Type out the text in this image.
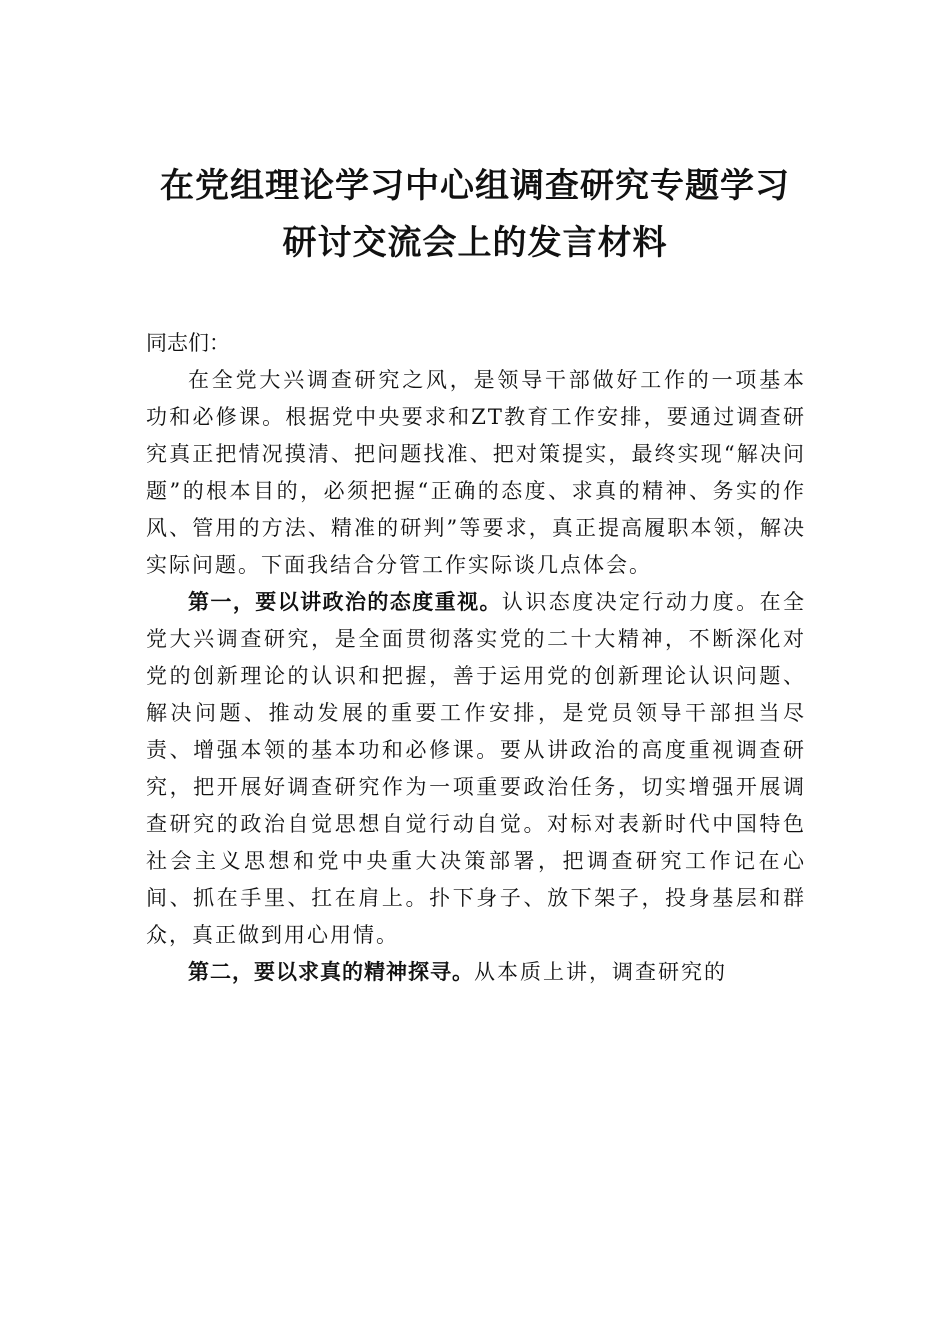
在党组理论学习中心组调查研究专题学习

研讨交流会上的发言材料

同志们：

在全党大兴调查研究之风，是领导干部做好工作的一项基本功和必修课。根据党中央要求和ZT教育工作安排，要通过调查研究真正把情况摸清、把问题找准、把对策提实，最终实现“解决问题”的根本目的，必须把握“正确的态度、求真的精神、务实的作风、管用的方法、精准的研判”等要求，真正提高履职本领，解决实际问题。下面我结合分管工作实际谈几点体会。

第一，要以讲政治的态度重视。认识态度决定行动力度。在全党大兴调查研究，是全面贯彻落实党的二十大精神，不断深化对党的创新理论的认识和把握，善于运用党的创新理论认识问题、解决问题、推动发展的重要工作安排，是党员领导干部担当尽责、增强本领的基本功和必修课。要从讲政治的高度重视调查研究，把开展好调查研究作为一项重要政治任务，切实增强开展调查研究的政治自觉思想自觉行动自觉。对标对表新时代中国特色社会主义思想和党中央重大决策部署，把调查研究工作记在心间、抓在手里、扛在肩上。扑下身子、放下架子，投身基层和群众，真正做到用心用情。

第二，要以求真的精神探寻。从本质上讲，调查研究的
